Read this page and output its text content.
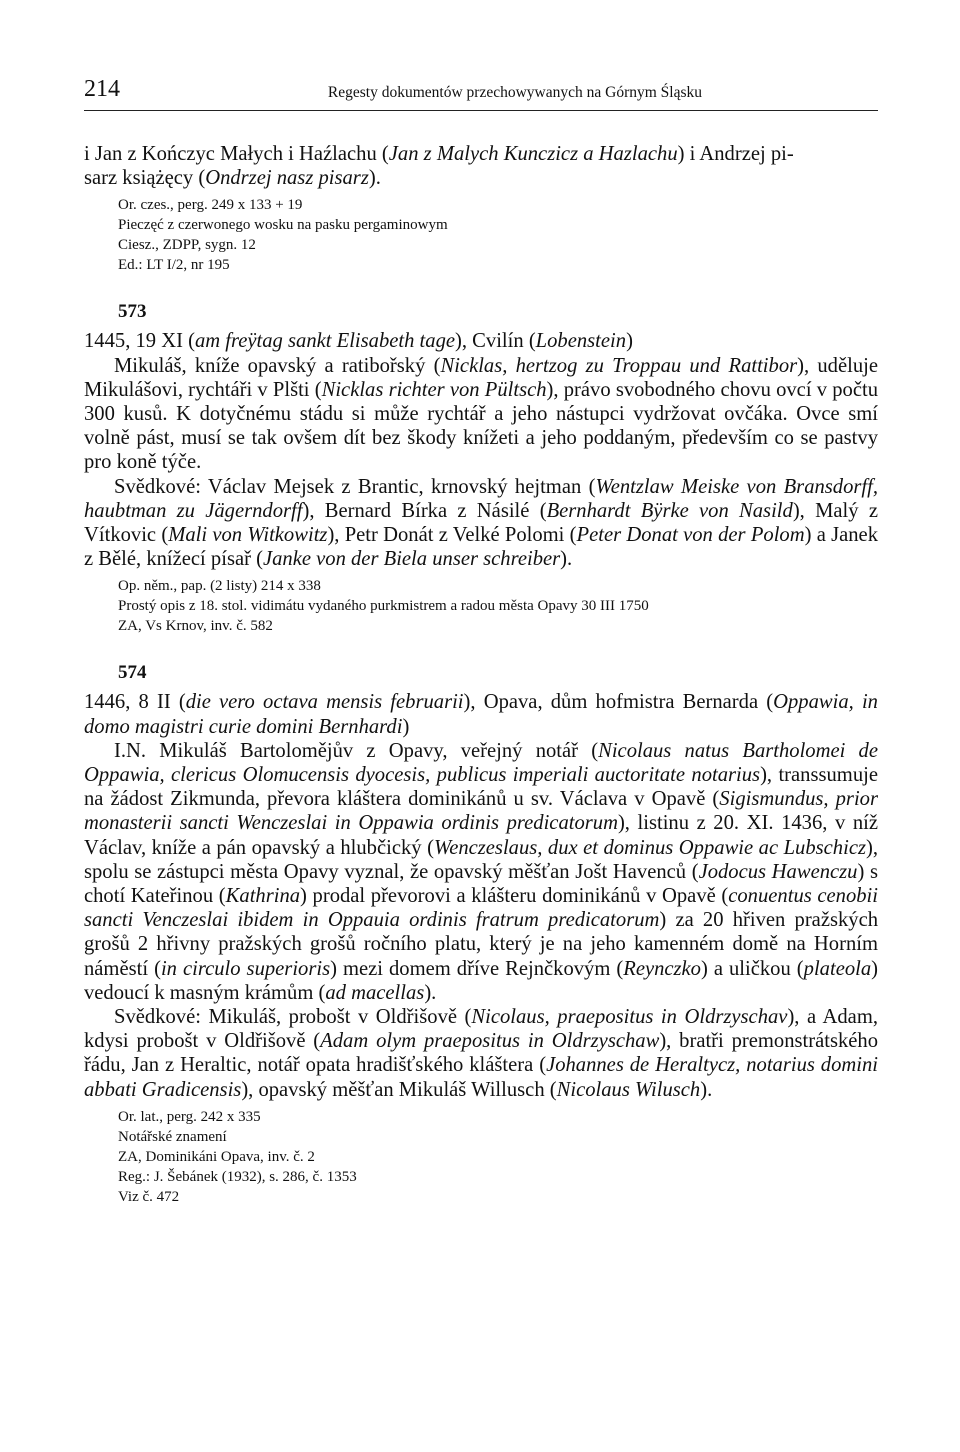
214	Regesty dokumentów przechowywanych na Górnym Śląsku

i Jan z Kończyc Małych i Haźlachu (Jan z Malych Kunczicz a Hazlachu) i Andrzej pi-
sarz książęcy (Ondrzej nasz pisarz).

Or. czes., perg. 249 x 133 + 19
Pieczęć z czerwonego wosku na pasku pergaminowym
Ciesz., ZDPP, sygn. 12
Ed.: LT I/2, nr 195
573

1445, 19 XI (am freÿtag sankt Elisabeth tage), Cvilín (Lobenstein)

Mikuláš, kníže opavský a ratibořský (Nicklas, hertzog zu Troppau und Rattibor), uděluje Mikulášovi, rychtáři v Plšti (Nicklas richter von Pültsch), právo svobodného chovu ovcí v počtu 300 kusů. K dotyčnému stádu si může rychtář a jeho nástupci vydržovat ovčáka. Ovce smí volně pást, musí se tak ovšem dít bez škody knížeti a jeho poddaným, především co se pastvy pro koně týče.

Svědkové: Václav Mejsek z Brantic, krnovský hejtman (Wentzlaw Meiske von Bransdorff, haubtman zu Jägerndorff), Bernard Bírka z Násilé (Bernhardt Bÿrke von Nasild), Malý z Vítkovic (Mali von Witkowitz), Petr Donát z Velké Polomi (Peter Donat von der Polom) a Janek z Bělé, knížecí písař (Janke von der Biela unser schreiber).

Op. něm., pap. (2 listy) 214 x 338
Prostý opis z 18. stol. vidimátu vydaného purkmistrem a radou města Opavy 30 III 1750
ZA, Vs Krnov, inv. č. 582
574

1446, 8 II (die vero octava mensis februarii), Opava, dům hofmistra Bernarda (Oppawia, in domo magistri curie domini Bernhardi)

I.N. Mikuláš Bartolomějův z Opavy, veřejný notář (Nicolaus natus Bartholomei de Oppawia, clericus Olomucensis dyocesis, publicus imperiali auctoritate notarius), transsumuje na žádost Zikmunda, převora kláštera dominikánů u sv. Václava v Opavě (Sigismundus, prior monasterii sancti Wenczeslai in Oppawia ordinis predicatorum), listinu z 20. XI. 1436, v níž Václav, kníže a pán opavský a hlubčický (Wenczeslaus, dux et dominus Oppawie ac Lubschicz), spolu se zástupci města Opavy vyznal, že opavský měšťan Jošt Havenců (Jodocus Hawenczu) s chotí Kateřinou (Kathrina) prodal převorovi a klášteru dominikánů v Opavě (conuentus cenobii sancti Venczeslai ibidem in Oppauia ordinis fratrum predicatorum) za 20 hřiven pražských grošů 2 hřivny pražských grošů ročního platu, který je na jeho kamenném domě na Horním náměstí (in circulo superioris) mezi domem dříve Rejnčkovým (Reynczko) a uličkou (plateola) vedoucí k masným krámům (ad macellas).

Svědkové: Mikuláš, probošt v Oldřišově (Nicolaus, praepositus in Oldrzyschav), a Adam, kdysi probošt v Oldřišově (Adam olym praepositus in Oldrzyschaw), bratři premonstrátského řádu, Jan z Heraltic, notář opata hradišťského kláštera (Johannes de Heraltycz, notarius domini abbati Gradicensis), opavský měšťan Mikuláš Willusch (Nicolaus Wilusch).

Or. lat., perg. 242 x 335
Notářské znamení
ZA, Dominikáni Opava, inv. č. 2
Reg.: J. Šebánek (1932), s. 286, č. 1353
Viz č. 472
